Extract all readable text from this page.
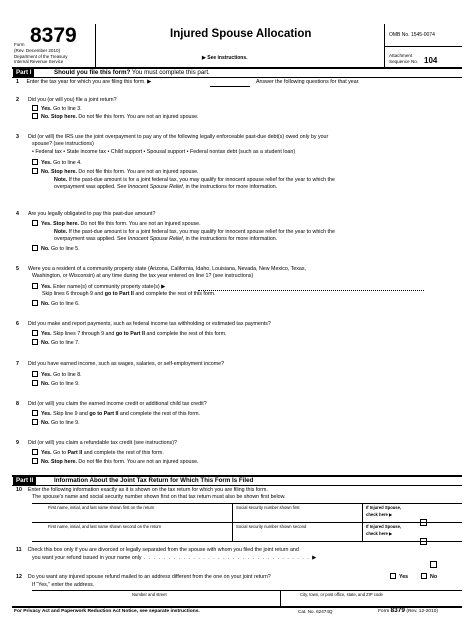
Form 8379
(Rev. December 2010)
Department of the Treasury
Internal Revenue Service
Injured Spouse Allocation
▶ See instructions.
OMB No. 1545-0074
Attachment
Sequence No. 104
Part I	Should you file this form? You must complete this part.
1 Enter the tax year for which you are filing this form. ▶	Answer the following questions for that year.
2 Did you (or will you) file a joint return?
Yes. Go to line 3.
No. Stop here. Do not file this form. You are not an injured spouse.
3 Did (or will) the IRS use the joint overpayment to pay any of the following legally enforceable past-due debt(s) owed only by your
spouse? (see instructions)
• Federal tax • State income tax • Child support • Spousal support • Federal nontax debt (such as a student loan)
Yes. Go to line 4.
No. Stop here. Do not file this form. You are not an injured spouse.
Note. If the past-due amount is for a joint federal tax, you may qualify for innocent spouse relief for the year to which the
overpayment was applied. See Innocent Spouse Relief, in the instructions for more information.
4 Are you legally obligated to pay this past-due amount?
Yes. Stop here. Do not file this form. You are not an injured spouse.
Note. If the past-due amount is for a joint federal tax, you may qualify for innocent spouse relief for the year to which the
overpayment was applied. See Innocent Spouse Relief, in the instructions for more information.
No. Go to line 5.
5 Were you a resident of a community property state (Arizona, California, Idaho, Louisiana, Nevada, New Mexico, Texas,
Washington, or Wisconsin) at any time during the tax year entered on line 1? (see instructions)
Yes. Enter name(s) of community property state(s) ▶
Skip lines 6 through 9 and go to Part II and complete the rest of this form.
No. Go to line 6.
6 Did you make and report payments, such as federal income tax withholding or estimated tax payments?
Yes. Skip lines 7 through 9 and go to Part II and complete the rest of this form.
No. Go to line 7.
7 Did you have earned income, such as wages, salaries, or self-employment income?
Yes. Go to line 8.
No. Go to line 9.
8 Did (or will) you claim the earned income credit or additional child tax credit?
Yes. Skip line 9 and go to Part II and complete the rest of this form.
No. Go to line 9.
9 Did (or will) you claim a refundable tax credit (see instructions)?
Yes. Go to Part II and complete the rest of this form.
No. Stop here. Do not file this form. You are not an injured spouse.
Part II	Information About the Joint Tax Return for Which This Form Is Filed
10 Enter the following information exactly as it is shown on the tax return for which you are filing this form.
The spouse's name and social security number shown first on that tax return must also be shown first below.
First name, initial, and last name shown first on the return	Social security number shown first	If Injured Spouse,
check here ▶
First name, initial, and last name shown second on the return	Social security number shown second	If Injured Spouse,
check here ▶
11 Check this box only if you are divorced or legally separated from the spouse with whom you filed the joint return and
you want your refund issued in your name only . . . . . . . . . . . . . . . . . . . . . . . . . . . . . . . . . . ▶
12 Do you want any injured spouse refund mailed to an address different from the one on your joint return?	Yes	No
If “Yes,” enter the address.
Number and street	City, town, or post office, state, and ZIP code
For Privacy Act and Paperwork Reduction Act Notice, see separate instructions.	Cat. No. 62474Q	Form 8379 (Rev. 12-2010)
